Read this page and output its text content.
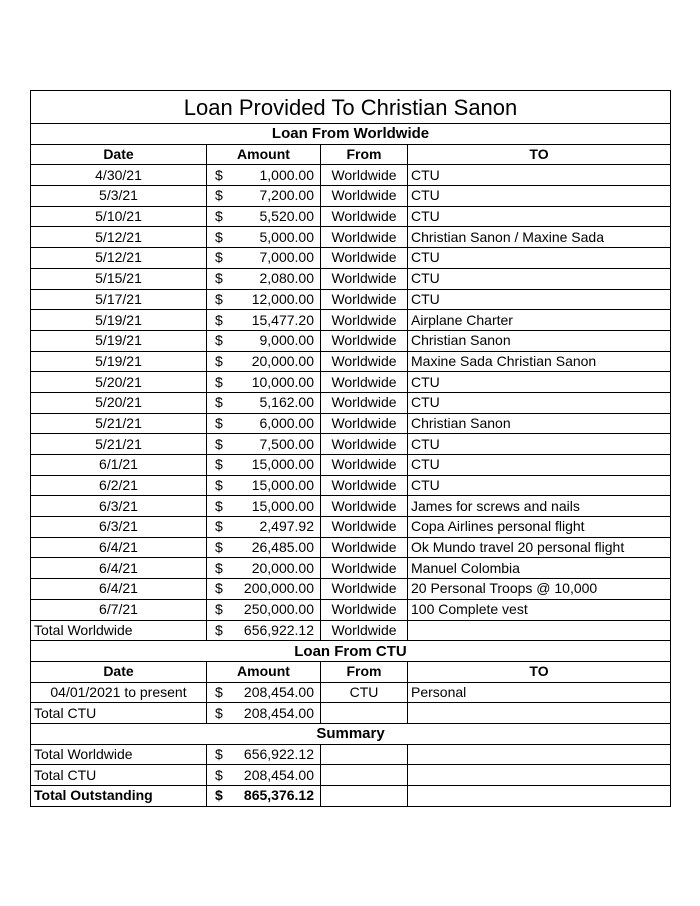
Loan Provided To Christian Sanon			
Loan From Worldwide			
Date	Amount	From	TO
4/30/21	$ 1,000.00	Worldwide	CTU
5/3/21	$ 7,200.00	Worldwide	CTU
5/10/21	$ 5,520.00	Worldwide	CTU
5/12/21	$ 5,000.00	Worldwide	Christian Sanon / Maxine Sada
5/12/21	$ 7,000.00	Worldwide	CTU
5/15/21	$ 2,080.00	Worldwide	CTU
5/17/21	$ 12,000.00	Worldwide	CTU
5/19/21	$ 15,477.20	Worldwide	Airplane Charter
5/19/21	$ 9,000.00	Worldwide	Christian Sanon
5/19/21	$ 20,000.00	Worldwide	Maxine Sada Christian Sanon
5/20/21	$ 10,000.00	Worldwide	CTU
5/20/21	$ 5,162.00	Worldwide	CTU
5/21/21	$ 6,000.00	Worldwide	Christian Sanon
5/21/21	$ 7,500.00	Worldwide	CTU
6/1/21	$ 15,000.00	Worldwide	CTU
6/2/21	$ 15,000.00	Worldwide	CTU
6/3/21	$ 15,000.00	Worldwide	James for screws and nails
6/3/21	$ 2,497.92	Worldwide	Copa Airlines personal flight
6/4/21	$ 26,485.00	Worldwide	Ok Mundo travel 20 personal flight
6/4/21	$ 20,000.00	Worldwide	Manuel Colombia
6/4/21	$ 200,000.00	Worldwide	20 Personal Troops @ 10,000
6/7/21	$ 250,000.00	Worldwide	100 Complete vest
Total Worldwide	$ 656,922.12	Worldwide	
Loan From CTU			
Date	Amount	From	TO
04/01/2021 to present	$ 208,454.00	CTU	Personal
Total CTU	$ 208,454.00		

Summary			
Total Worldwide	$ 656,922.12		

Total CTU	$ 208,454.00		

Total Outstanding	$ 865,376.12		
